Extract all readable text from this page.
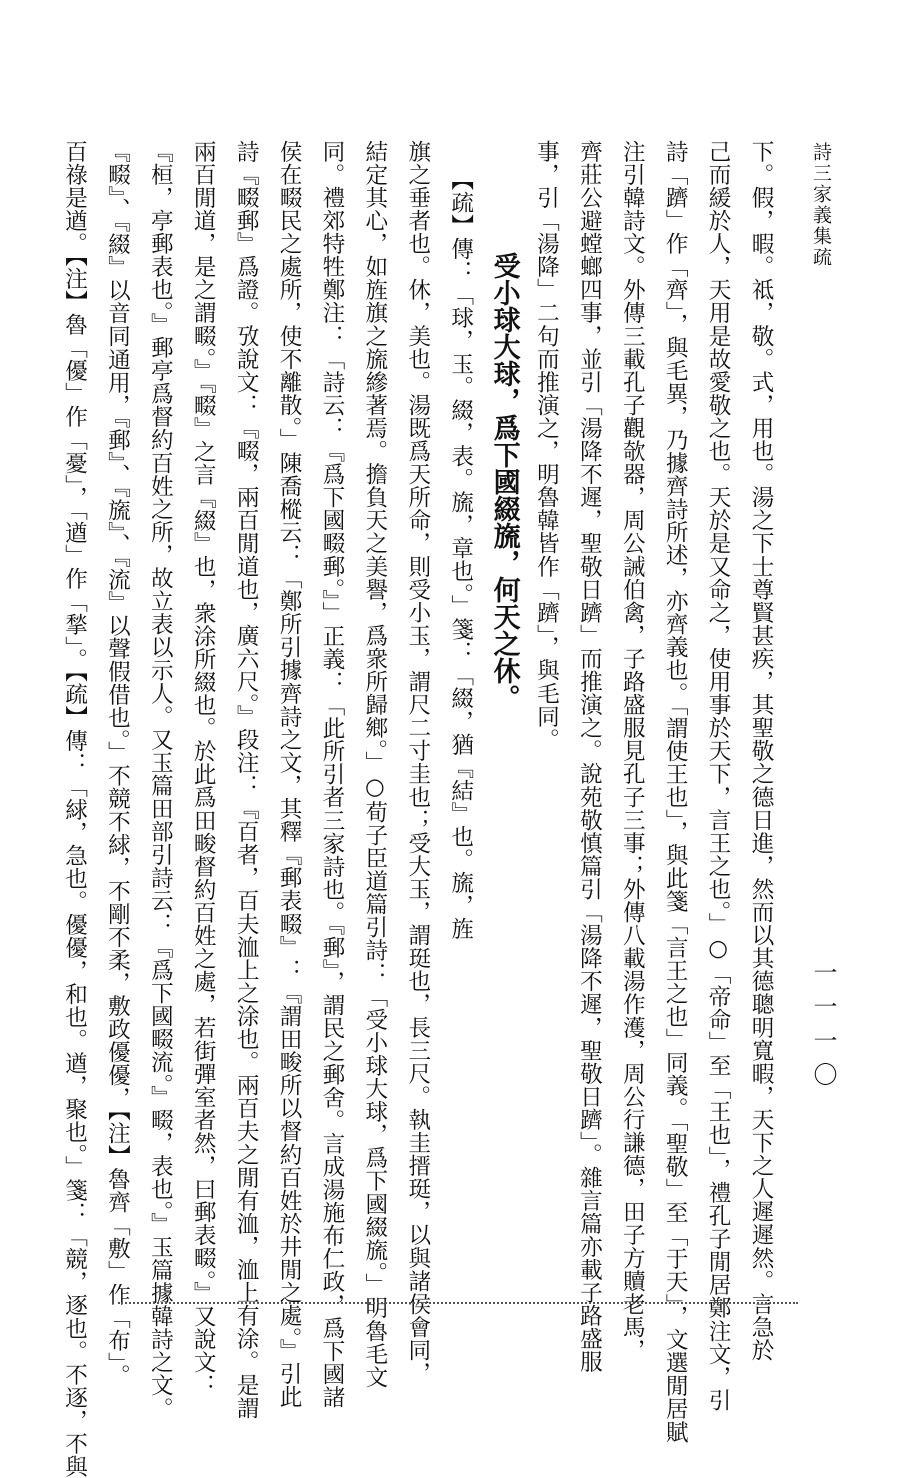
詩三家義集疏
一一一〇
下。假，暇。祗，敬。式，用也。湯之下士尊賢甚疾，其聖敬之德日進，然而以其德聰明寬暇，天下之人遲遲然。言急於
己而緩於人，天用是故愛敬之也。天於是又命之，使用事於天下，言王之也。」○「帝命」至「王也」，禮孔子閒居鄭注文，引
詩「躋」作「齊」，與毛異，乃據齊詩所述，亦齊義也。「謂使王也」，與此箋「言王之也」同義。「聖敬」至「于天」，文選閒居賦
注引韓詩文。外傳三載孔子觀欹器，周公誡伯禽，子路盛服見孔子三事；外傳八載湯作濩，周公行謙德，田子方贖老馬，
齊莊公避螳螂四事，並引「湯降不遲，聖敬日躋」而推演之。說苑敬慎篇引「湯降不遲，聖敬日躋」。雜言篇亦載子路盛服
事，引「湯降」二句而推演之，明魯韓皆作「躋」，與毛同。
受小球大球，爲下國綴旒，何天之休。
【疏】傳：「球，玉。綴，表。旒，章也。」箋：「綴，猶『結』也。旒，旌
旗之垂者也。休，美也。湯既爲天所命，則受小玉，謂尺二寸圭也；受大玉，謂珽也，長三尺。執圭搢珽，以與諸侯會同，
結定其心，如旌旗之旒縿著焉。擔負天之美譽，爲衆所歸鄉。」○荀子臣道篇引詩：「受小球大球，爲下國綴旒。」明魯毛文
同。禮郊特牲鄭注：「詩云：『爲下國畷郵。』」正義：「此所引者三家詩也。『郵』，謂民之郵舍。言成湯施布仁政，爲下國諸
侯在畷民之處所，使不離散。」陳喬樅云：「鄭所引據齊詩之文，其釋『郵表畷』：『謂田畯所以督約百姓於井閒之處。』引此
詩『畷郵』爲證。攷說文：『畷，兩百閒道也，廣六尺。』段注：『百者，百夫洫上之涂也。兩百夫之閒有洫，洫上有涂。是謂
兩百閒道，是之謂畷。』『畷』之言『綴』也，衆涂所綴也。於此爲田畯督約百姓之處，若街彈室者然，曰郵表畷。』又說文：
『桓，亭郵表也。』郵亭爲督約百姓之所，故立表以示人。又玉篇田部引詩云：『爲下國畷流。』畷，表也。』玉篇據韓詩之文。
『畷』、『綴』以音同通用，『郵』、『旒』、『流』以聲假借也。」不競不絿，不剛不柔，敷政優優，【注】魯齊「敷」作「布」。
百祿是遒。【注】魯「優」作「憂」，「遒」作「揫」。【疏】傳：「絿，急也。優優，和也。遒，聚也。」箋：「競，逐也。不逐，不與
